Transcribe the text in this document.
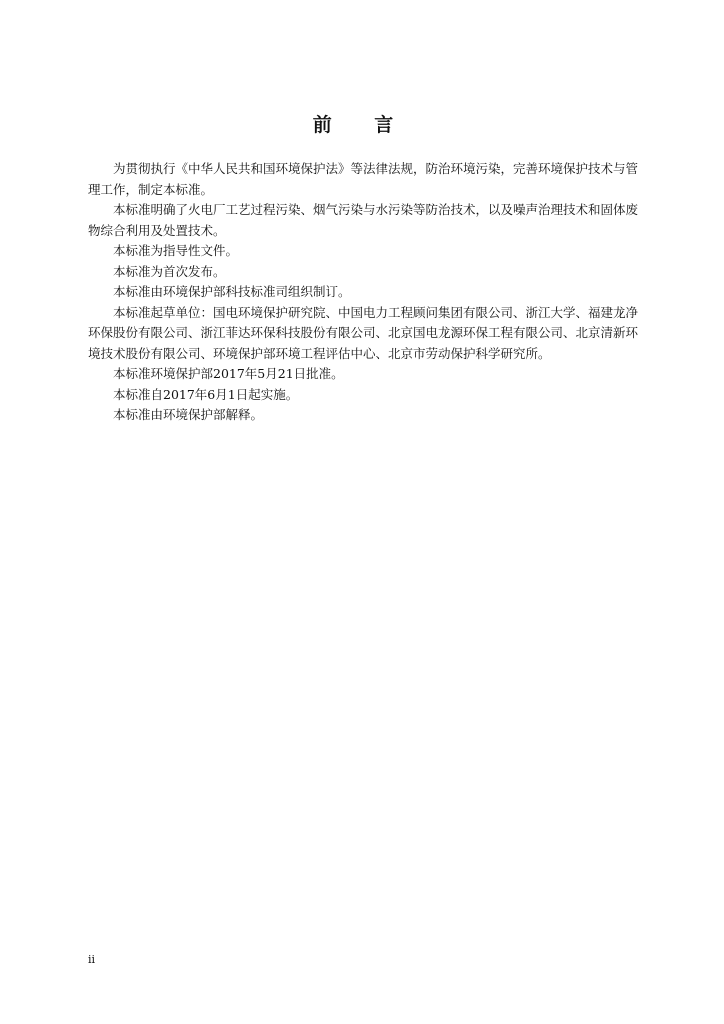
前 言

为贯彻执行《中华人民共和国环境保护法》等法律法规，防治环境污染，完善环境保护技术与管理工作，制定本标准。

本标准明确了火电厂工艺过程污染、烟气污染与水污染等防治技术，以及噪声治理技术和固体废物综合利用及处置技术。

本标准为指导性文件。

本标准为首次发布。

本标准由环境保护部科技标准司组织制订。

本标准起草单位：国电环境保护研究院、中国电力工程顾问集团有限公司、浙江大学、福建龙净环保股份有限公司、浙江菲达环保科技股份有限公司、北京国电龙源环保工程有限公司、北京清新环境技术股份有限公司、环境保护部环境工程评估中心、北京市劳动保护科学研究所。

本标准环境保护部2017年5月21日批准。

本标准自2017年6月1日起实施。

本标准由环境保护部解释。

ii
